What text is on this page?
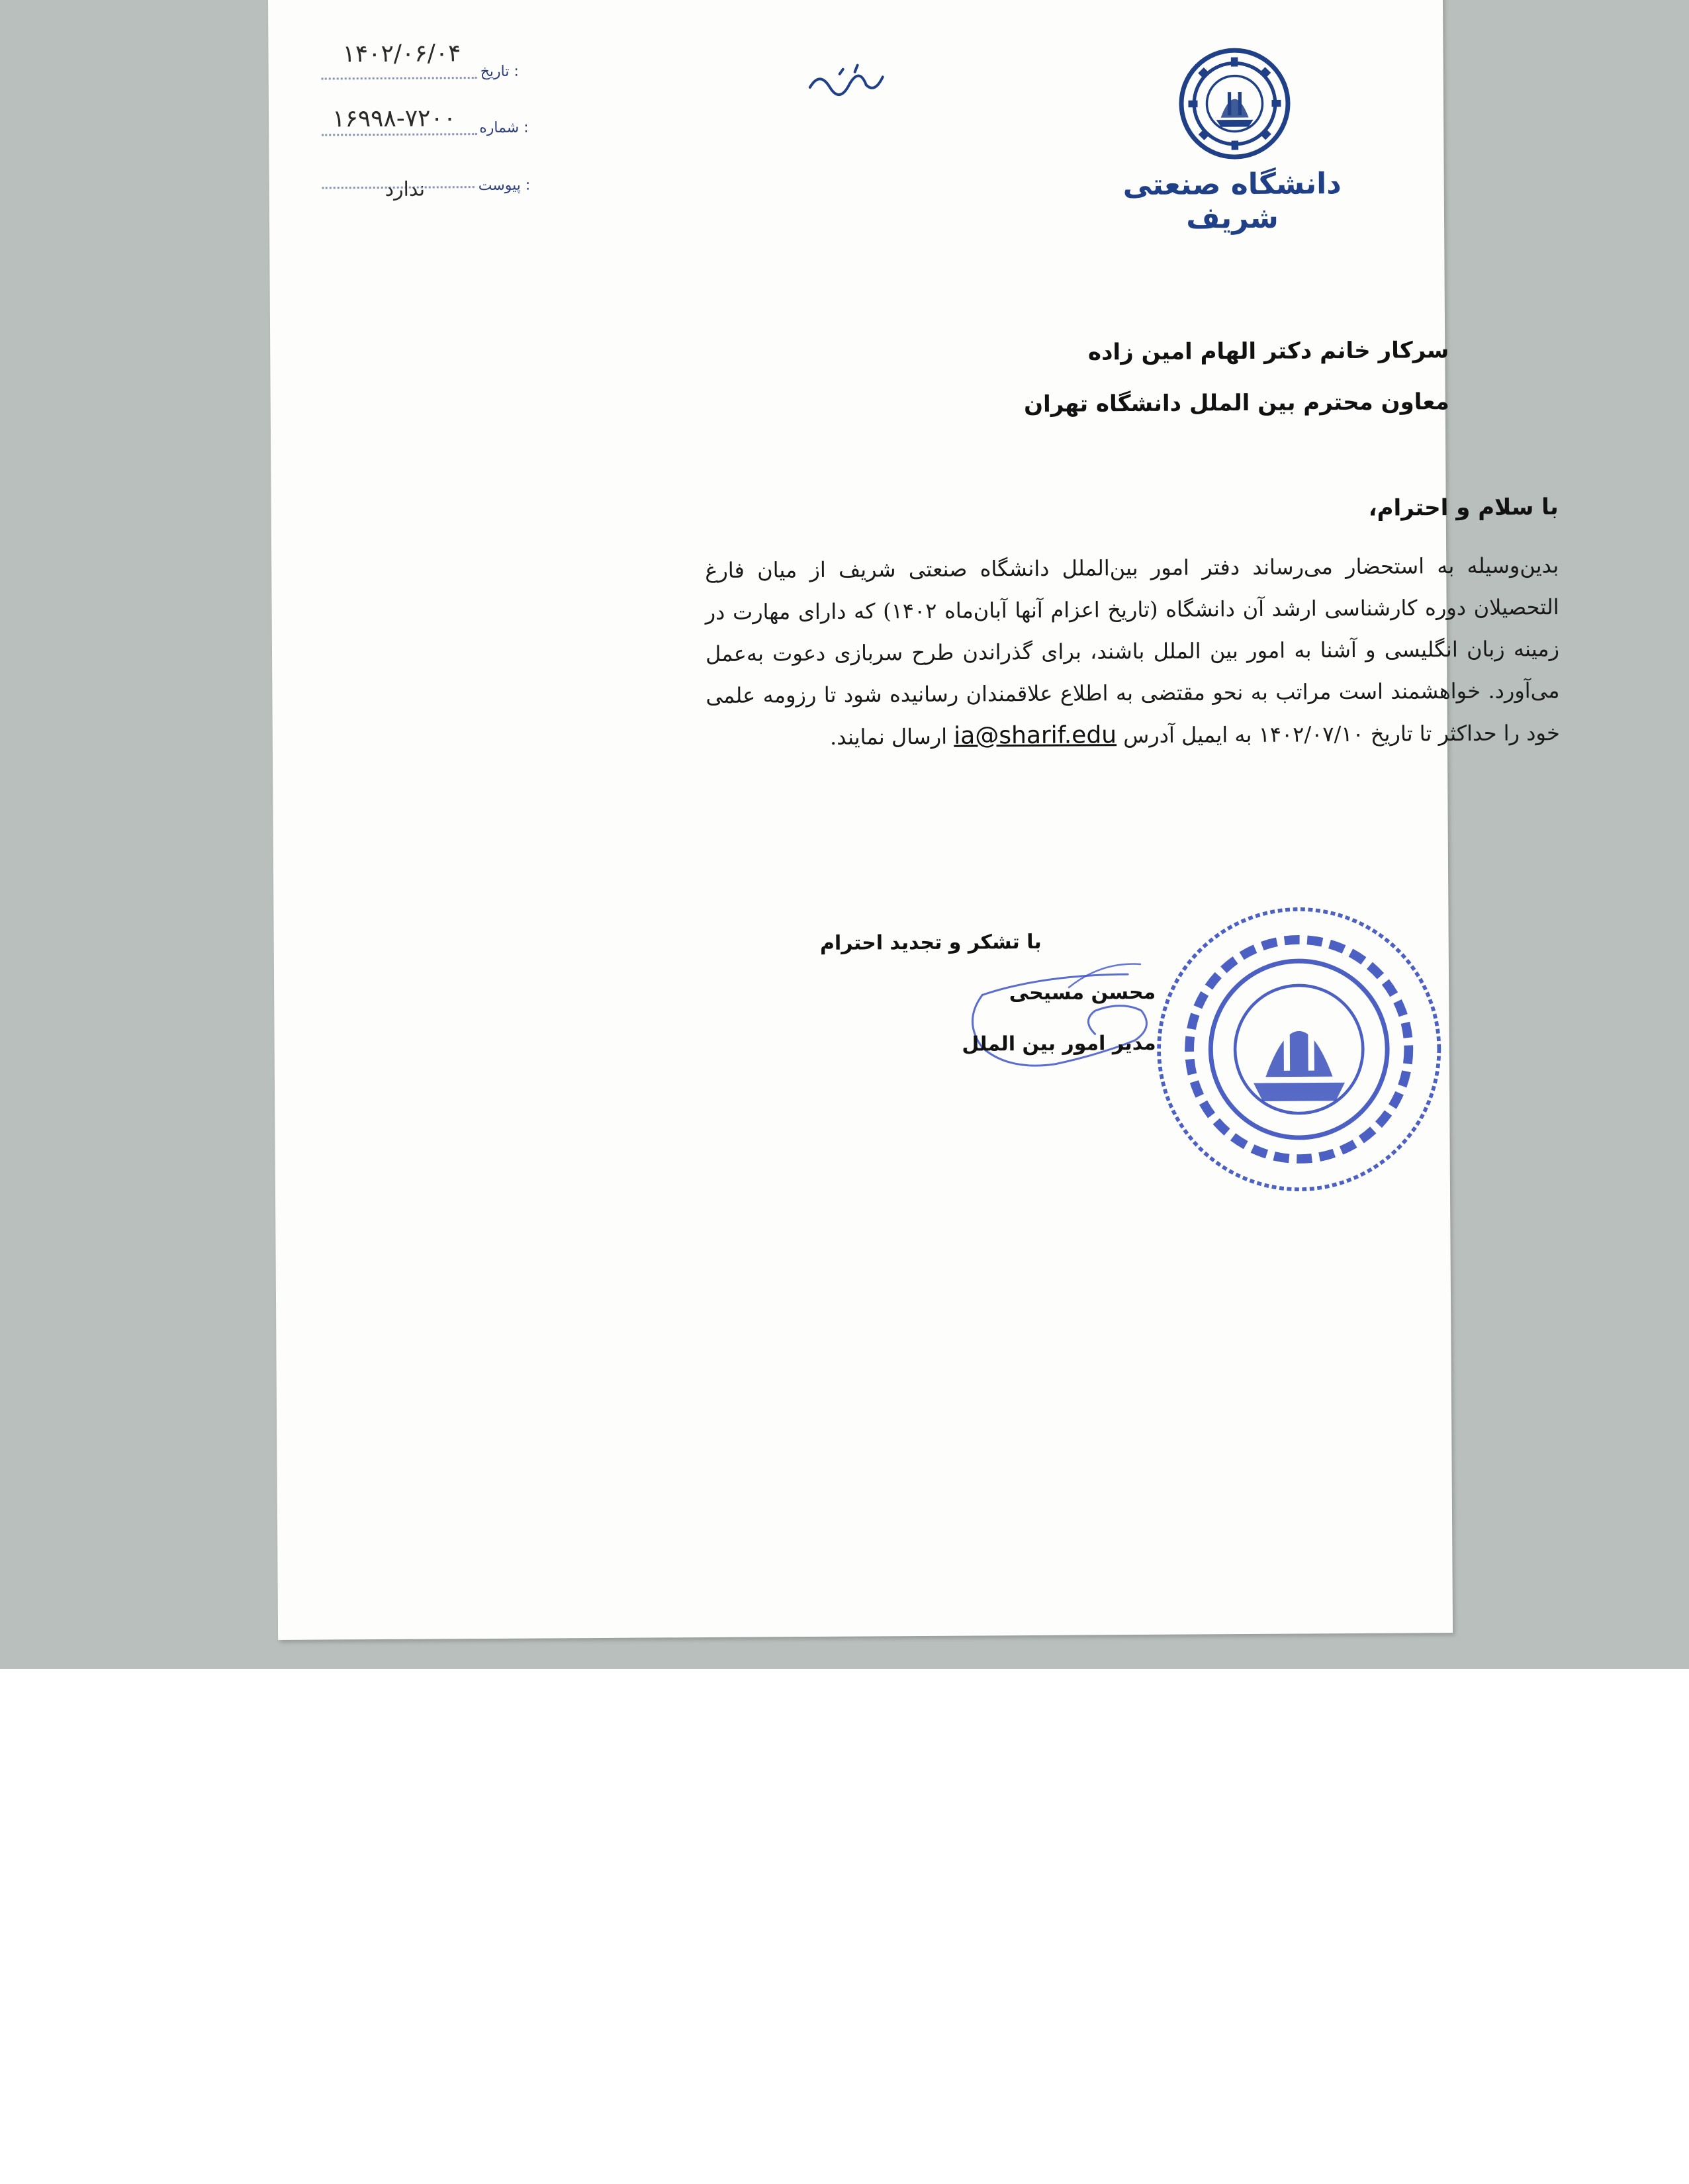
دانشگاه صنعتی شریف
تاریخ :
۱۴۰۲/۰۶/۰۴
شماره :
۱۶۹۹۸-۷۲۰۰
پیوست :
ندارد
سرکار خانم دکتر الهام امین زاده
معاون محترم بین الملل دانشگاه تهران
با سلام و احترام،
بدین‌وسیله به استحضار می‌رساند دفتر امور بین‌الملل دانشگاه صنعتی شریف از میان فارغ التحصیلان دوره کارشناسی ارشد آن دانشگاه (تاریخ اعزام آنها آبان‌ماه ۱۴۰۲) که دارای مهارت در زمینه زبان انگلیسی و آشنا به امور بین الملل باشند، برای گذراندن طرح سربازی دعوت به‌عمل می‌آورد. خواهشمند است مراتب به نحو مقتضی به اطلاع علاقمندان رسانیده شود تا رزومه علمی خود را حداکثر تا تاریخ ۱۴۰۲/۰۷/۱۰ به ایمیل آدرس ia@sharif.edu ارسال نمایند.
با تشکر و تجدید احترام
محسن مسیحی
مدیر امور بین الملل
